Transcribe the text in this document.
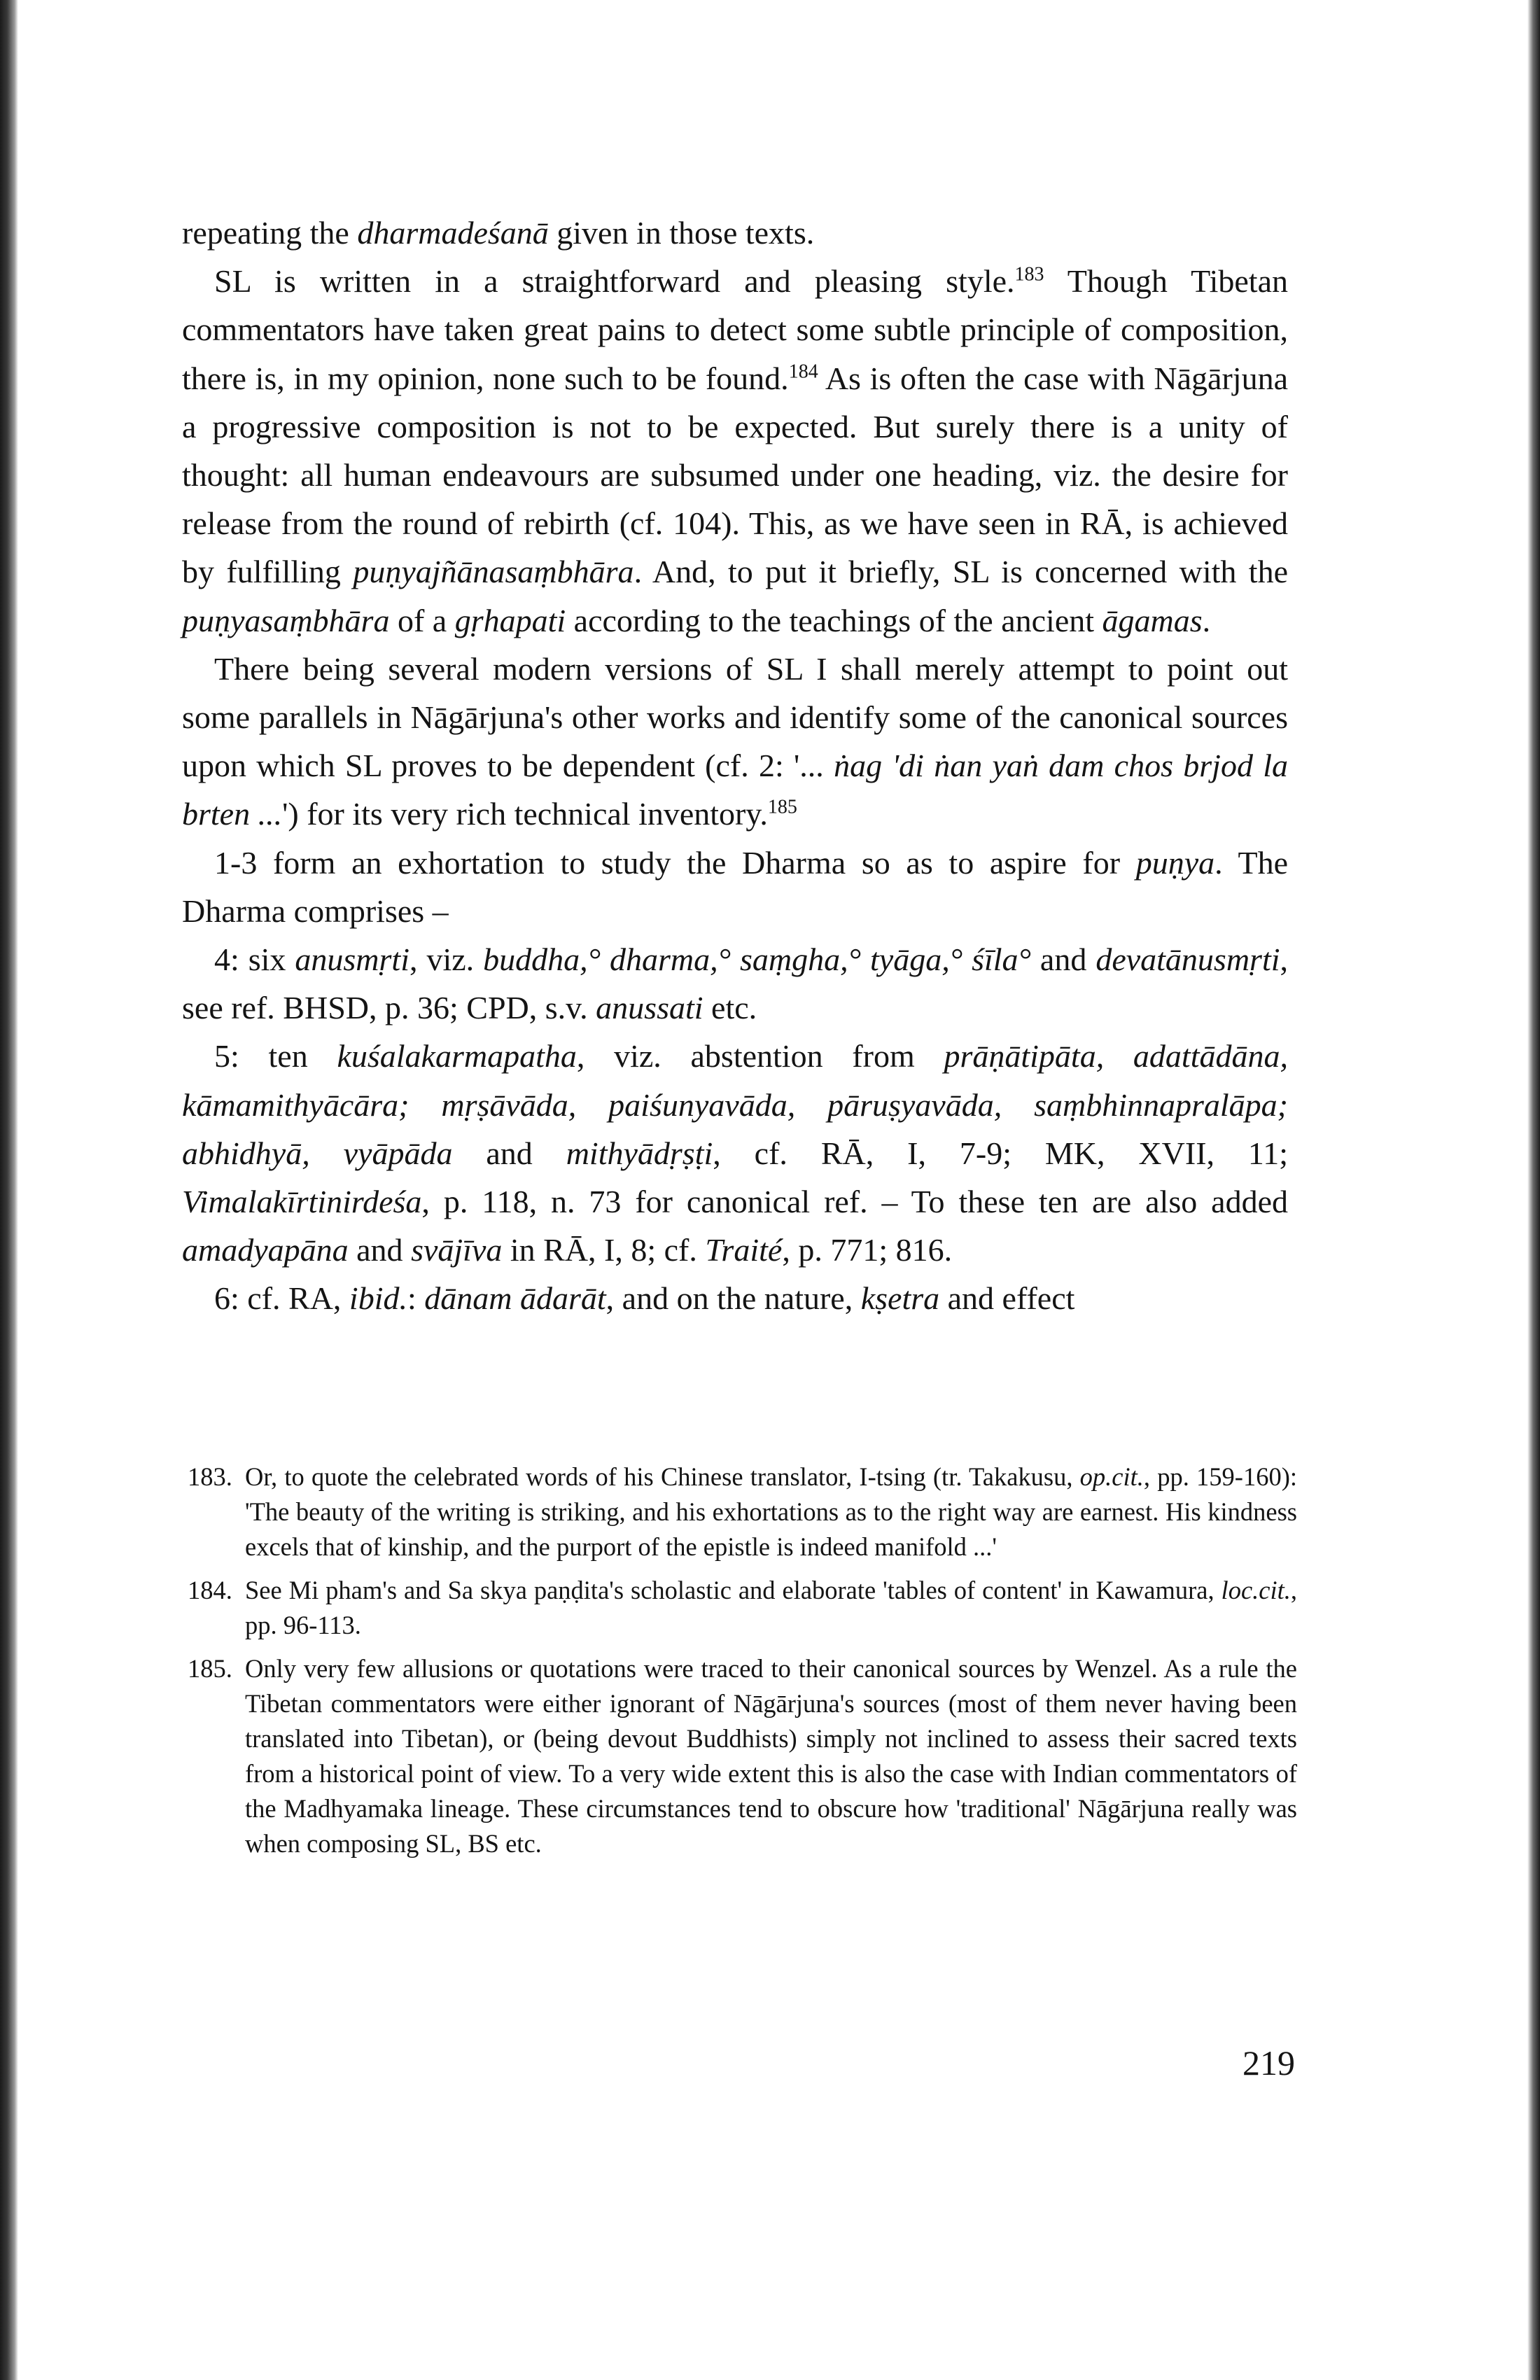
repeating the dharmadeśanā given in those texts.

SL is written in a straightforward and pleasing style.$^{183}$ Though Tibetan commentators have taken great pains to detect some subtle principle of composition, there is, in my opinion, none such to be found.$^{184}$ As is often the case with Nāgārjuna a progressive composition is not to be expected. But surely there is a unity of thought: all human endeavours are subsumed under one heading, viz. the desire for release from the round of rebirth (cf. 104). This, as we have seen in RĀ, is achieved by fulfilling puṇyajñānasaṃbhāra. And, to put it briefly, SL is concerned with the puṇyasaṃbhāra of a gṛhapati according to the teachings of the ancient āgamas.

There being several modern versions of SL I shall merely attempt to point out some parallels in Nāgārjuna's other works and identify some of the canonical sources upon which SL proves to be dependent (cf. 2: '... ṅag 'di ṅan yaṅ dam chos brjod la brten ...') for its very rich technical inventory.$^{185}$

1-3 form an exhortation to study the Dharma so as to aspire for puṇya. The Dharma comprises –

4: six anusmṛti, viz. buddha,° dharma,° saṃgha,° tyāga,° śīla° and devatānusmṛti, see ref. BHSD, p. 36; CPD, s.v. anussati etc.

5: ten kuśalakarmapatha, viz. abstention from prāṇātipāta, adattādāna, kāmamithyācāra; mṛṣāvāda, paiśunyavāda, pāruṣyavāda, saṃbhinnapralāpa; abhidhyā, vyāpāda and mithyādṛṣṭi, cf. RĀ, I, 7-9; MK, XVII, 11; Vimalakīrtinirdeśa, p. 118, n. 73 for canonical ref. – To these ten are also added amadyapāna and svājīva in RĀ, I, 8; cf. Traité, p. 771; 816.

6: cf. RA, ibid.: dānam ādarāt, and on the nature, kṣetra and effect

183. Or, to quote the celebrated words of his Chinese translator, I-tsing (tr. Takakusu, op.cit., pp. 159-160): 'The beauty of the writing is striking, and his exhortations as to the right way are earnest. His kindness excels that of kinship, and the purport of the epistle is indeed manifold ...'
184. See Mi pham's and Sa skya paṇḍita's scholastic and elaborate 'tables of content' in Kawamura, loc.cit., pp. 96-113.
185. Only very few allusions or quotations were traced to their canonical sources by Wenzel. As a rule the Tibetan commentators were either ignorant of Nāgārjuna's sources (most of them never having been translated into Tibetan), or (being devout Buddhists) simply not inclined to assess their sacred texts from a historical point of view. To a very wide extent this is also the case with Indian commentators of the Madhyamaka lineage. These circumstances tend to obscure how 'traditional' Nāgārjuna really was when composing SL, BS etc.
219
